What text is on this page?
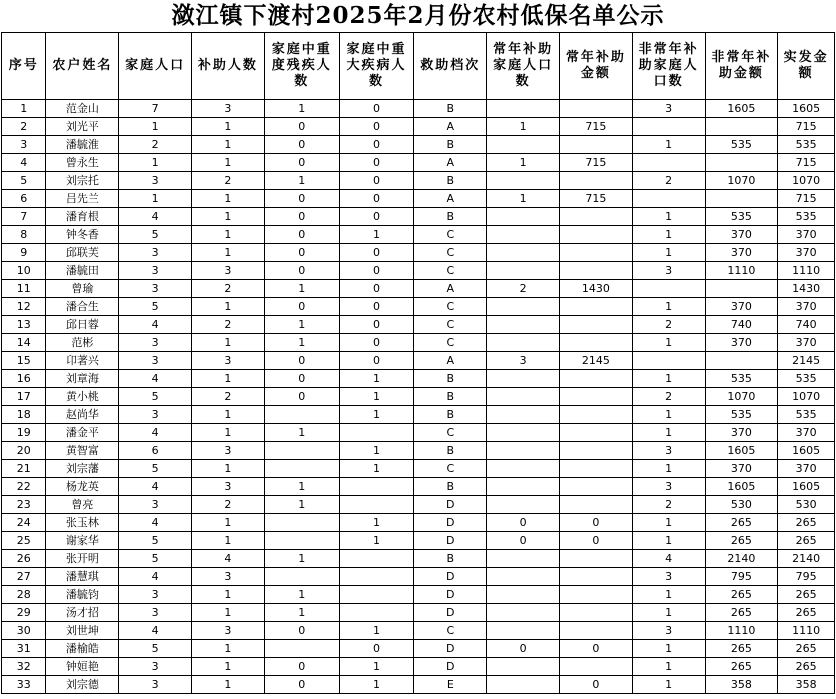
潋江镇下渡村2025年2月份农村低保名单公示
序号	农户姓名	家庭人口	补助人数	家庭中重度残疾人数	家庭中重大疾病人数	救助档次	常年补助家庭人口数	常年补助金额	非常年补助家庭人口数	非常年补助金额	实发金额
1	范金山	7	3	1	0	B			3	1605	1605
2	刘光平	1	1	0	0	A	1	715			715
3	潘毓淮	2	1	0	0	B			1	535	535
4	曾永生	1	1	0	0	A	1	715			715
5	刘宗托	3	2	1	0	B			2	1070	1070
6	吕先兰	1	1	0	0	A	1	715			715
7	潘育根	4	1	0	0	B			1	535	535
8	钟冬香	5	1	0	1	C			1	370	370
9	邱联芙	3	1	0	0	C			1	370	370
10	潘毓田	3	3	0	0	C			3	1110	1110
11	曾瑜	3	2	1	0	A	2	1430			1430
12	潘合生	5	1	0	0	C			1	370	370
13	邱日蓉	4	2	1	0	C			2	740	740
14	范彬	3	1	1	0	C			1	370	370
15	卬著兴	3	3	0	0	A	3	2145			2145
16	刘章海	4	1	0	1	B			1	535	535
17	黄小桃	5	2	0	1	B			2	1070	1070
18	赵尚华	3	1		1	B			1	535	535
19	潘金平	4	1	1		C			1	370	370
20	黄智富	6	3		1	B			3	1605	1605
21	刘宗藩	5	1		1	C			1	370	370
22	杨龙英	4	3	1		B			3	1605	1605
23	曾亮	3	2	1		D			2	530	530
24	张玉林	4	1		1	D	0	0	1	265	265
25	谢家华	5	1		1	D	0	0	1	265	265
26	张开明	5	4	1		B			4	2140	2140
27	潘慧琪	4	3			D			3	795	795
28	潘毓钧	3	1	1		D			1	265	265
29	汤才招	3	1	1		D			1	265	265
30	刘世坤	4	3	0	1	C			3	1110	1110
31	潘榆皓	5	1		0	D	0	0	1	265	265
32	钟姮艳	3	1	0	1	D			1	265	265
33	刘宗德	3	1	0	1	E		0	1	358	358
